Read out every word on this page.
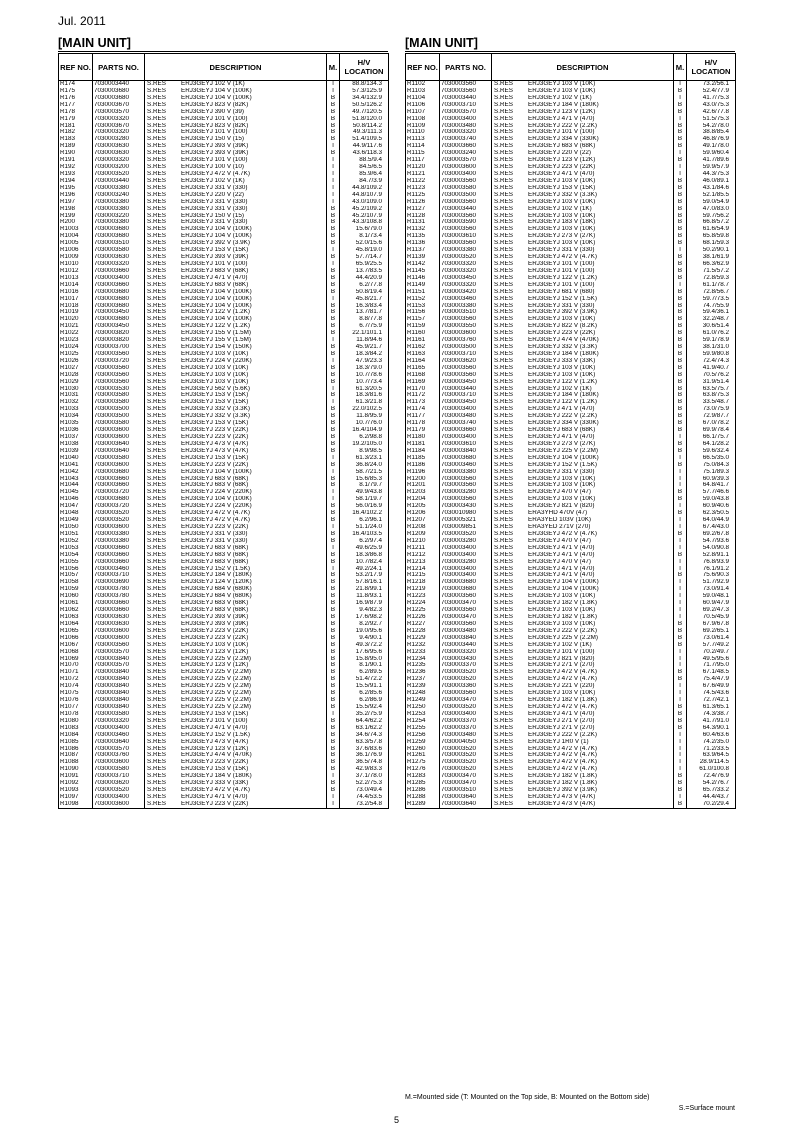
Jul. 2011
[MAIN UNIT]
REF NO.	PARTS NO.	DESCRIPTION	M.	H/V LOCATION
R174	7030003440	S.RES ERJ3GEYJ 102 V (1K)	T	88.8/134.3
R175	7030003680	S.RES ERJ3GEYJ 104 V (100K)	T	57.3/125.9
R176	7030003680	S.RES ERJ3GEYJ 104 V (100K)	B	34.4/132.9
R177	7030003670	S.RES ERJ3GEYJ 823 V (82K)	B	50.5/126.2
R178	7030003570	S.RES ERJ3GEYJ 390 V (39)	B	49.7/120.5
R179	7030003320	S.RES ERJ3GEYJ 101 V (100)	B	51.8/120.0
R181	7030003670	S.RES ERJ3GEYJ 823 V (82K)	B	50.8/114.2
R182	7030003320	S.RES ERJ3GEYJ 101 V (100)	B	49.3/111.3
R183	7030003280	S.RES ERJ3GEYJ 150 V (15)	B	51.4/109.5
R189	7030003630	S.RES ERJ3GEYJ 393 V (39K)	T	44.9/117.6
R190	7030003630	S.RES ERJ3GEYJ 393 V (39K)	B	43.6/118.3
R191	7030003320	S.RES ERJ3GEYJ 101 V (100)	T	88.5/9.4
R192	7030003200	S.RES ERJ3GEYJ 100 V (10)	T	84.5/6.5
R193	7030003520	S.RES ERJ3GEYJ 472 V (4.7K)	T	85.9/6.4
R194	7030003440	S.RES ERJ3GEYJ 102 V (1K)	T	84.7/3.9
R195	7030003380	S.RES ERJ3GEYJ 331 V (330)	T	44.8/109.2
R196	7030003240	S.RES ERJ3GEYJ 220 V (22)	T	44.8/107.9
R197	7030003380	S.RES ERJ3GEYJ 331 V (330)	T	43.0/109.0
R198	7030003380	S.RES ERJ3GEYJ 331 V (330)	B	45.2/109.2
R199	7030003220	S.RES ERJ3GEYJ 150 V (15)	B	45.2/107.9
R200	7030003380	S.RES ERJ3GEYJ 331 V (330)	B	43.3/108.8
R1003	7030003680	S.RES ERJ3GEYJ 104 V (100K)	B	15.6/79.0
R1004	7030003680	S.RES ERJ3GEYJ 104 V (100K)	B	8.1/73.4
R1005	7030003510	S.RES ERJ3GEYJ 392 V (3.9K)	B	52.0/15.6
R1006	7030003580	S.RES ERJ3GEYJ 153 V (15K)	T	45.8/19.0
R1009	7030003630	S.RES ERJ3GEYJ 393 V (39K)	B	57.7/14.7
R1010	7030003320	S.RES ERJ3GEYJ 101 V (100)	T	65.9/25.5
R1012	7030003660	S.RES ERJ3GEYJ 683 V (68K)	B	13.7/83.5
R1013	7030003400	S.RES ERJ3GEYJ 471 V (470)	B	44.4/20.9
R1014	7030003660	S.RES ERJ3GEYJ 683 V (68K)	B	6.2/77.8
R1016	7030003680	S.RES ERJ3GEYJ 104 V (100K)	B	50.8/19.4
R1017	7030003680	S.RES ERJ3GEYJ 104 V (100K)	T	45.8/21.7
R1018	7030003680	S.RES ERJ3GEYJ 104 V (100K)	B	16.3/83.4
R1019	7030003450	S.RES ERJ3GEYJ 122 V (1.2K)	B	13.7/81.7
R1020	7030003680	S.RES ERJ3GEYJ 104 V (100K)	B	8.8/77.8
R1021	7030003450	S.RES ERJ3GEYJ 122 V (1.2K)	B	6.7/75.9
R1022	7030003820	S.RES ERJ3GEYJ 155 V (1.5M)	B	22.1/101.1
R1023	7030003820	S.RES ERJ3GEYJ 155 V (1.5M)	T	11.8/94.6
R1024	7030003700	S.RES ERJ3GEYJ 154 V (150K)	B	45.9/21.7
R1025	7030003560	S.RES ERJ3GEYJ 103 V (10K)	B	18.3/84.2
R1026	7030003720	S.RES ERJ3GEYJ 224 V (220K)	T	47.9/23.3
R1027	7030003560	S.RES ERJ3GEYJ 103 V (10K)	B	18.3/79.0
R1028	7030003560	S.RES ERJ3GEYJ 103 V (10K)	B	10.7/78.6
R1029	7030003560	S.RES ERJ3GEYJ 103 V (10K)	B	10.7/73.4
R1030	7030003530	S.RES ERJ3GEYJ 562 V (5.6K)	T	61.3/20.5
R1031	7030003580	S.RES ERJ3GEYJ 153 V (15K)	B	18.3/81.6
R1032	7030003580	S.RES ERJ3GEYJ 153 V (15K)	T	61.3/21.8
R1033	7030003500	S.RES ERJ3GEYJ 332 V (3.3K)	B	22.0/102.5
R1034	7030003500	S.RES ERJ3GEYJ 332 V (3.3K)	B	11.8/95.9
R1035	7030003580	S.RES ERJ3GEYJ 153 V (15K)	B	10.7/76.0
R1036	7030003600	S.RES ERJ3GEYJ 223 V (22K)	B	16.4/104.9
R1037	7030003600	S.RES ERJ3GEYJ 223 V (22K)	B	6.2/98.8
R1038	7030003640	S.RES ERJ3GEYJ 473 V (47K)	B	19.2/105.0
R1039	7030003640	S.RES ERJ3GEYJ 473 V (47K)	B	8.9/98.5
R1040	7030003580	S.RES ERJ3GEYJ 153 V (15K)	T	61.3/23.1
R1041	7030003600	S.RES ERJ3GEYJ 223 V (22K)	B	36.8/24.0
R1042	7030003680	S.RES ERJ3GEYJ 104 V (100K)	T	58.7/21.5
R1043	7030003660	S.RES ERJ3GEYJ 683 V (68K)	B	15.6/85.3
R1044	7030003660	S.RES ERJ3GEYJ 683 V (68K)	B	8.1/79.7
R1045	7030003720	S.RES ERJ3GEYJ 224 V (220K)	T	49.9/43.8
R1046	7030003680	S.RES ERJ3GEYJ 104 V (100K)	T	58.1/19.7
R1047	7030003720	S.RES ERJ3GEYJ 224 V (220K)	B	56.0/16.9
R1048	7030003520	S.RES ERJ3GEYJ 472 V (4.7K)	B	16.4/102.2
R1049	7030003520	S.RES ERJ3GEYJ 472 V (4.7K)	B	6.2/96.1
R1050	7030003600	S.RES ERJ3GEYJ 223 V (22K)	T	51.1/24.0
R1051	7030003380	S.RES ERJ3GEYJ 331 V (330)	B	16.4/103.5
R1052	7030003380	S.RES ERJ3GEYJ 331 V (330)	B	6.2/97.4
R1053	7030003660	S.RES ERJ3GEYJ 683 V (68K)	T	49.6/25.9
R1054	7030003660	S.RES ERJ3GEYJ 683 V (68K)	B	18.3/86.8
R1055	7030003660	S.RES ERJ3GEYJ 683 V (68K)	B	10.7/82.4
R1056	7030003460	S.RES ERJ3GEYJ 152 V (1.5K)	T	49.2/24.1
R1057	7030003710	S.RES ERJ3GEYJ 184 V (180K)	B	53.2/17.9
R1058	7030003690	S.RES ERJ3GEYJ 124 V (120K)	B	57.8/16.1
R1059	7030003780	S.RES ERJ3GEYJ 684 V (680K)	B	21.8/99.1
R1060	7030003780	S.RES ERJ3GEYJ 684 V (680K)	B	11.8/93.1
R1061	7030003660	S.RES ERJ3GEYJ 683 V (68K)	B	16.9/87.9
R1062	7030003660	S.RES ERJ3GEYJ 683 V (68K)	B	9.4/82.3
R1063	7030003630	S.RES ERJ3GEYJ 393 V (39K)	B	17.6/98.2
R1064	7030003630	S.RES ERJ3GEYJ 393 V (39K)	B	8.2/92.7
R1065	7030003600	S.RES ERJ3GEYJ 223 V (22K)	B	19.0/95.6
R1066	7030003600	S.RES ERJ3GEYJ 223 V (22K)	B	9.4/90.1
R1067	7030003560	S.RES ERJ3GEYJ 103 V (10K)	B	49.3/72.2
R1068	7030003570	S.RES ERJ3GEYJ 123 V (12K)	B	17.6/95.6
R1069	7030003840	S.RES ERJ3GEYJ 225 V (2.2M)	B	15.8/95.0
R1070	7030003570	S.RES ERJ3GEYJ 123 V (12K)	B	8.1/90.1
R1071	7030003840	S.RES ERJ3GEYJ 225 V (2.2M)	B	6.2/89.5
R1072	7030003840	S.RES ERJ3GEYJ 225 V (2.2M)	B	51.4/72.2
R1074	7030003840	S.RES ERJ3GEYJ 225 V (2.2M)	B	15.5/91.1
R1075	7030003840	S.RES ERJ3GEYJ 225 V (2.2M)	B	6.2/85.6
R1076	7030003840	S.RES ERJ3GEYJ 225 V (2.2M)	B	6.2/86.9
R1077	7030003840	S.RES ERJ3GEYJ 225 V (2.2M)	B	15.5/92.4
R1078	7030003580	S.RES ERJ3GEYJ 153 V (15K)	T	35.2/75.9
R1080	7030003320	S.RES ERJ3GEYJ 101 V (100)	B	64.4/62.2
R1083	7030003400	S.RES ERJ3GEYJ 471 V (470)	B	63.1/62.2
R1084	7030003460	S.RES ERJ3GEYJ 152 V (1.5K)	B	34.6/74.3
R1085	7030003640	S.RES ERJ3GEYJ 473 V (47K)	B	63.3/57.8
R1086	7030003570	S.RES ERJ3GEYJ 123 V (12K)	B	37.6/83.6
R1087	7030003760	S.RES ERJ3GEYJ 474 V (470K)	B	36.1/76.9
R1088	7030003600	S.RES ERJ3GEYJ 223 V (22K)	B	36.5/74.8
R1090	7030003580	S.RES ERJ3GEYJ 153 V (15K)	B	42.9/83.3
R1091	7030003710	S.RES ERJ3GEYJ 184 V (180K)	T	37.1/78.0
R1092	7030003620	S.RES ERJ3GEYJ 333 V (33K)	B	52.2/75.3
R1093	7030003520	S.RES ERJ3GEYJ 472 V (4.7K)	B	73.0/49.4
R1097	7030003400	S.RES ERJ3GEYJ 471 V (470)	T	74.4/53.5
R1098	7030003600	S.RES ERJ3GEYJ 223 V (22K)	T	73.2/54.8
[MAIN UNIT]
REF NO.	PARTS NO.	DESCRIPTION	M.	H/V LOCATION
R1102	7030003560	S.RES ERJ3GEYJ 103 V (10K)	T	73.2/56.1
R1103	7030003560	S.RES ERJ3GEYJ 103 V (10K)	B	52.4/77.9
R1104	7030003440	S.RES ERJ3GEYJ 102 V (1K)	T	41.7/75.3
R1106	7030003710	S.RES ERJ3GEYJ 184 V (180K)	B	43.0/75.3
R1107	7030003570	S.RES ERJ3GEYJ 123 V (12K)	B	42.6/77.8
R1108	7030003400	S.RES ERJ3GEYJ 471 V (470)	T	51.5/75.3
R1109	7030003480	S.RES ERJ3GEYJ 222 V (2.2K)	B	54.2/78.0
R1110	7030003320	S.RES ERJ3GEYJ 101 V (100)	B	38.8/85.4
R1113	7030003740	S.RES ERJ3GEYJ 334 V (330K)	B	46.8/76.9
R1114	7030003660	S.RES ERJ3GEYJ 683 V (68K)	B	49.1/78.0
R1115	7030003240	S.RES ERJ3GEYJ 220 V (22)	T	59.9/60.4
R1117	7030003570	S.RES ERJ3GEYJ 123 V (12K)	B	41.7/89.6
R1120	7030003600	S.RES ERJ3GEYJ 223 V (22K)	T	59.9/57.9
R1121	7030003400	S.RES ERJ3GEYJ 471 V (470)	T	44.3/75.3
R1122	7030003560	S.RES ERJ3GEYJ 103 V (10K)	B	46.0/89.1
R1123	7030003580	S.RES ERJ3GEYJ 153 V (15K)	B	43.1/84.6
R1125	7030003500	S.RES ERJ3GEYJ 332 V (3.3K)	B	52.1/85.5
R1126	7030003560	S.RES ERJ3GEYJ 103 V (10K)	B	59.0/54.9
R1127	7030003440	S.RES ERJ3GEYJ 102 V (1K)	B	47.0/83.0
R1128	7030003560	S.RES ERJ3GEYJ 103 V (10K)	B	59.7/56.2
R1131	7030003590	S.RES ERJ3GEYJ 183 V (18K)	B	66.8/57.2
R1132	7030003560	S.RES ERJ3GEYJ 103 V (10K)	B	61.6/54.9
R1135	7030003610	S.RES ERJ3GEYJ 273 V (27K)	B	65.8/59.8
R1136	7030003560	S.RES ERJ3GEYJ 103 V (10K)	B	68.1/59.3
R1137	7030003380	S.RES ERJ3GEYJ 331 V (330)	T	50.2/90.1
R1139	7030003520	S.RES ERJ3GEYJ 472 V (4.7K)	B	38.1/61.9
R1142	7030003320	S.RES ERJ3GEYJ 101 V (100)	B	66.3/62.9
R1145	7030003320	S.RES ERJ3GEYJ 101 V (100)	B	71.5/57.2
R1146	7030003450	S.RES ERJ3GEYJ 122 V (1.2K)	B	72.8/59.3
R1149	7030003320	S.RES ERJ3GEYJ 101 V (100)	T	61.1/78.7
R1151	7030003420	S.RES ERJ3GEYJ 681 V (680)	B	72.8/56.7
R1152	7030003460	S.RES ERJ3GEYJ 152 V (1.5K)	B	59.7/73.5
R1153	7030003380	S.RES ERJ3GEYJ 331 V (330)	B	74.7/55.9
R1156	7030003510	S.RES ERJ3GEYJ 392 V (3.9K)	B	59.4/36.1
R1157	7030003560	S.RES ERJ3GEYJ 103 V (10K)	B	32.2/48.7
R1159	7030003550	S.RES ERJ3GEYJ 822 V (8.2K)	B	30.6/51.4
R1160	7030003600	S.RES ERJ3GEYJ 223 V (22K)	B	61.0/76.2
R1161	7030003760	S.RES ERJ3GEYJ 474 V (470K)	B	59.1/78.9
R1162	7030003500	S.RES ERJ3GEYJ 332 V (3.3K)	B	38.1/31.0
R1163	7030003710	S.RES ERJ3GEYJ 184 V (180K)	B	59.9/80.8
R1164	7030003620	S.RES ERJ3GEYJ 333 V (33K)	B	72.4/74.3
R1165	7030003560	S.RES ERJ3GEYJ 103 V (10K)	B	41.9/40.7
R1168	7030003560	S.RES ERJ3GEYJ 103 V (10K)	B	70.5/76.2
R1169	7030003450	S.RES ERJ3GEYJ 122 V (1.2K)	B	31.9/51.4
R1170	7030003440	S.RES ERJ3GEYJ 102 V (1K)	B	63.5/75.7
R1172	7030003710	S.RES ERJ3GEYJ 184 V (180K)	B	63.8/75.3
R1173	7030003450	S.RES ERJ3GEYJ 122 V (1.2K)	B	33.5/48.7
R1174	7030003400	S.RES ERJ3GEYJ 471 V (470)	B	73.0/75.9
R1177	7030003480	S.RES ERJ3GEYJ 222 V (2.2K)	B	72.9/87.7
R1178	7030003740	S.RES ERJ3GEYJ 334 V (330K)	B	67.0/78.2
R1179	7030003660	S.RES ERJ3GEYJ 683 V (68K)	B	69.9/78.4
R1180	7030003400	S.RES ERJ3GEYJ 471 V (470)	T	66.1/75.7
R1181	7030003610	S.RES ERJ3GEYJ 273 V (27K)	B	64.1/28.2
R1184	7030003840	S.RES ERJ3GEYJ 225 V (2.2M)	B	59.6/32.4
R1185	7030003680	S.RES ERJ3GEYJ 104 V (100K)	T	66.5/35.0
R1186	7030003460	S.RES ERJ3GEYJ 152 V (1.5K)	B	75.0/84.3
R1196	7030003380	S.RES ERJ3GEYJ 331 V (330)	T	75.1/89.3
R1200	7030003560	S.RES ERJ3GEYJ 103 V (10K)	T	60.9/39.3
R1201	7030003560	S.RES ERJ3GEYJ 103 V (10K)	T	64.8/41.7
R1203	7030003280	S.RES ERJ3GEYJ 470 V (47)	B	57.7/46.6
R1204	7030003560	S.RES ERJ3GEYJ 103 V (10K)	B	59.0/43.8
R1205	7030003430	S.RES ERJ3GEYJ 821 V (820)	T	60.9/40.6
R1206	7030010980	S.RES ERA3YHD 470V (47)	B	62.3/50.5
R1207	7030005321	S.RES ERA3YED 103V (10K)	T	64.0/44.9
R1208	7030009851	S.RES ERA3YED 271V (270)	T	67.4/43.0
R1209	7030003520	S.RES ERJ3GEYJ 472 V (4.7K)	B	69.2/67.8
R1210	7030003280	S.RES ERJ3GEYJ 470 V (47)	T	54.7/93.6
R1211	7030003400	S.RES ERJ3GEYJ 471 V (470)	T	54.0/90.8
R1212	7030003400	S.RES ERJ3GEYJ 471 V (470)	B	52.8/91.1
R1213	7030003280	S.RES ERJ3GEYJ 470 V (47)	T	76.8/93.9
R1214	7030003400	S.RES ERJ3GEYJ 471 V (470)	T	76.1/91.2
R1215	7030003400	S.RES ERJ3GEYJ 471 V (470)	B	75.6/90.3
R1218	7030003680	S.RES ERJ3GEYJ 104 V (100K)	T	51.7/92.9
R1219	7030003680	S.RES ERJ3GEYJ 104 V (100K)	T	73.0/91.4
R1223	7030003560	S.RES ERJ3GEYJ 103 V (10K)	T	59.0/48.1
R1224	7030003470	S.RES ERJ3GEYJ 182 V (1.8K)	T	60.9/47.9
R1225	7030003560	S.RES ERJ3GEYJ 103 V (10K)	T	69.2/47.3
R1226	7030003470	S.RES ERJ3GEYJ 182 V (1.8K)	T	70.5/45.9
R1227	7030003560	S.RES ERJ3GEYJ 103 V (10K)	B	67.9/67.8
R1228	7030003480	S.RES ERJ3GEYJ 222 V (2.2K)	B	69.2/65.1
R1229	7030003840	S.RES ERJ3GEYJ 225 V (2.2M)	B	73.0/61.4
R1232	7030003440	S.RES ERJ3GEYJ 102 V (1K)	B	57.7/49.2
R1233	7030003320	S.RES ERJ3GEYJ 101 V (100)	T	70.2/49.7
R1234	7030003430	S.RES ERJ3GEYJ 821 V (820)	T	49.5/95.6
R1235	7030003370	S.RES ERJ3GEYJ 271 V (270)	T	71.7/95.0
R1236	7030003520	S.RES ERJ3GEYJ 472 V (4.7K)	B	67.1/48.5
R1237	7030003520	S.RES ERJ3GEYJ 472 V (4.7K)	B	75.4/47.9
R1239	7030003360	S.RES ERJ3GEYJ 221 V (220)	T	67.6/49.9
R1248	7030003560	S.RES ERJ3GEYJ 103 V (10K)	T	74.5/43.6
R1249	7030003470	S.RES ERJ3GEYJ 182 V (1.8K)	T	72.7/42.1
R1250	7030003520	S.RES ERJ3GEYJ 472 V (4.7K)	B	61.3/65.1
R1253	7030003400	S.RES ERJ3GEYJ 471 V (470)	B	74.3/38.7
R1254	7030003370	S.RES ERJ3GEYJ 271 V (270)	B	41.7/91.0
R1255	7030003370	S.RES ERJ3GEYJ 271 V (270)	B	64.3/90.1
R1256	7030003480	S.RES ERJ3GEYJ 222 V (2.2K)	T	60.4/63.6
R1259	7030004050	S.RES ERJ3GEYJ 1R0 V (1)	T	74.2/35.0
R1260	7030003520	S.RES ERJ3GEYJ 472 V (4.7K)	T	71.2/33.5
R1261	7030003520	S.RES ERJ3GEYJ 472 V (4.7K)	T	63.9/64.5
R1275	7030003520	S.RES ERJ3GEYJ 472 V (4.7K)	T	28.9/114.5
R1276	7030003520	S.RES ERJ3GEYJ 472 V (4.7K)	T	61.0/100.8
R1283	7030003470	S.RES ERJ3GEYJ 182 V (1.8K)	B	72.4/76.9
R1285	7030003470	S.RES ERJ3GEYJ 182 V (1.8K)	B	54.2/76.7
R1286	7030003510	S.RES ERJ3GEYJ 392 V (3.9K)	B	65.7/33.2
R1288	7030003640	S.RES ERJ3GEYJ 473 V (47K)	T	44.4/43.7
R1289	7030003640	S.RES ERJ3GEYJ 473 V (47K)	B	70.2/29.4
M.=Mounted side (T: Mounted on the Top side, B: Mounted on the Bottom side)
S.=Surface mount
5
